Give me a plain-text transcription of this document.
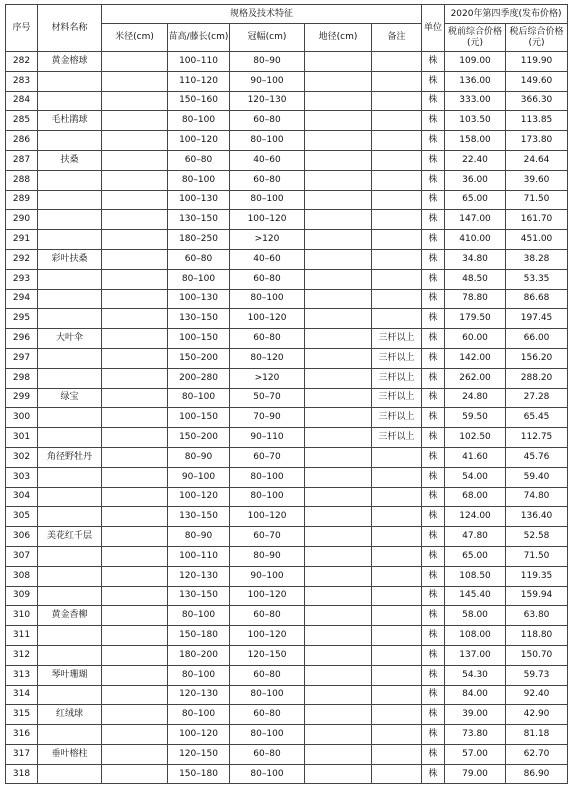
序号	材料名称	规格及技术特征					单位	2020年第四季度(发布价格)	
		米径(cm)	苗高/藤长(cm)	冠幅(cm)	地径(cm)	备注		税前综合价格(元)	税后综合价格(元)
282	黄金榕球		100–110	80–90			株	109.00	119.90
283			110–120	90–100			株	136.00	149.60
284			150–160	120–130			株	333.00	366.30
285	毛杜鹃球		80–100	60–80			株	103.50	113.85
286			100–120	80–100			株	158.00	173.80
287	扶桑		60–80	40–60			株	22.40	24.64
288			80–100	60–80			株	36.00	39.60
289			100–130	80–100			株	65.00	71.50
290			130–150	100–120			株	147.00	161.70
291			180–250	>120			株	410.00	451.00
292	彩叶扶桑		60–80	40–60			株	34.80	38.28
293			80–100	60–80			株	48.50	53.35
294			100–130	80–100			株	78.80	86.68
295			130–150	100–120			株	179.50	197.45
296	大叶伞		100–150	60–80		三杆以上	株	60.00	66.00
297			150–200	80–120		三杆以上	株	142.00	156.20
298			200–280	>120		三杆以上	株	262.00	288.20
299	绿宝		80–100	50–70		三杆以上	株	24.80	27.28
300			100–150	70–90		三杆以上	株	59.50	65.45
301			150–200	90–110		三杆以上	株	102.50	112.75
302	角径野牡丹		80–90	60–70			株	41.60	45.76
303			90–100	80–100			株	54.00	59.40
304			100–120	80–100			株	68.00	74.80
305			130–150	100–120			株	124.00	136.40
306	美花红千层		80–90	60–70			株	47.80	52.58
307			100–110	80–90			株	65.00	71.50
308			120–130	90–100			株	108.50	119.35
309			130–150	100–120			株	145.40	159.94
310	黄金香柳		80–100	60–80			株	58.00	63.80
311			150–180	100–120			株	108.00	118.80
312			180–200	120–150			株	137.00	150.70
313	琴叶珊瑚		80–100	60–80			株	54.30	59.73
314			120–130	80–100			株	84.00	92.40
315	红绒球		80–100	60–80			株	39.00	42.90
316			100–120	80–100			株	73.80	81.18
317	垂叶榕柱		120–150	60–80			株	57.00	62.70
318			150–180	80–100			株	79.00	86.90
